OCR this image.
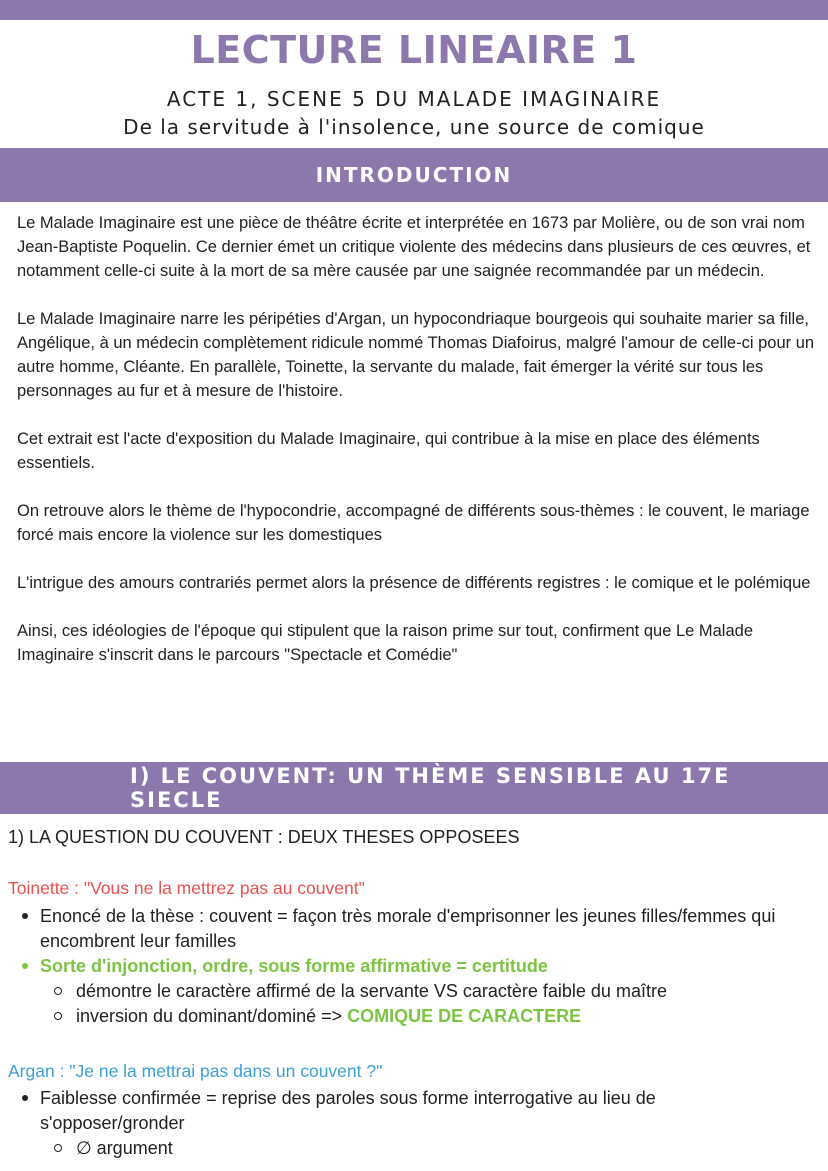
LECTURE LINEAIRE 1
ACTE 1, SCENE 5 DU MALADE IMAGINAIRE
De la servitude à l'insolence, une source de comique
INTRODUCTION

Le Malade Imaginaire est une pièce de théâtre écrite et interprétée en 1673 par Molière, ou de son vrai nom Jean-Baptiste Poquelin. Ce dernier émet un critique violente des médecins dans plusieurs de ces œuvres, et notamment celle-ci suite à la mort de sa mère causée par une saignée recommandée par un médecin.

Le Malade Imaginaire narre les péripéties d'Argan, un hypocondriaque bourgeois qui souhaite marier sa fille, Angélique, à un médecin complètement ridicule nommé Thomas Diafoirus, malgré l'amour de celle-ci pour un autre homme, Cléante. En parallèle, Toinette, la servante du malade, fait émerger la vérité sur tous les personnages au fur et à mesure de l'histoire.

Cet extrait est l'acte d'exposition du Malade Imaginaire, qui contribue à la mise en place des éléments essentiels.

On retrouve alors le thème de l'hypocondrie, accompagné de différents sous-thèmes : le couvent, le mariage forcé mais encore la violence sur les domestiques

L'intrigue des amours contrariés permet alors la présence de différents registres : le comique et le polémique

Ainsi, ces idéologies de l'époque qui stipulent que la raison prime sur tout, confirment que Le Malade Imaginaire s'inscrit dans le parcours "Spectacle et Comédie"

I) LE COUVENT: UN THÈME SENSIBLE AU 17E SIECLE
1) LA QUESTION DU COUVENT : DEUX THESES OPPOSEES
Toinette : "Vous ne la mettrez pas au couvent"
Enoncé de la thèse : couvent = façon très morale d'emprisonner les jeunes filles/femmes qui encombrent leur familles
Sorte d'injonction, ordre, sous forme affirmative = certitude
démontre le caractère affirmé de la servante VS caractère faible du maître
inversion du dominant/dominé => COMIQUE DE CARACTERE
Argan : "Je ne la mettrai pas dans un couvent ?"
Faiblesse confirmée = reprise des paroles sous forme interrogative au lieu de s'opposer/gronder
∅ argument
